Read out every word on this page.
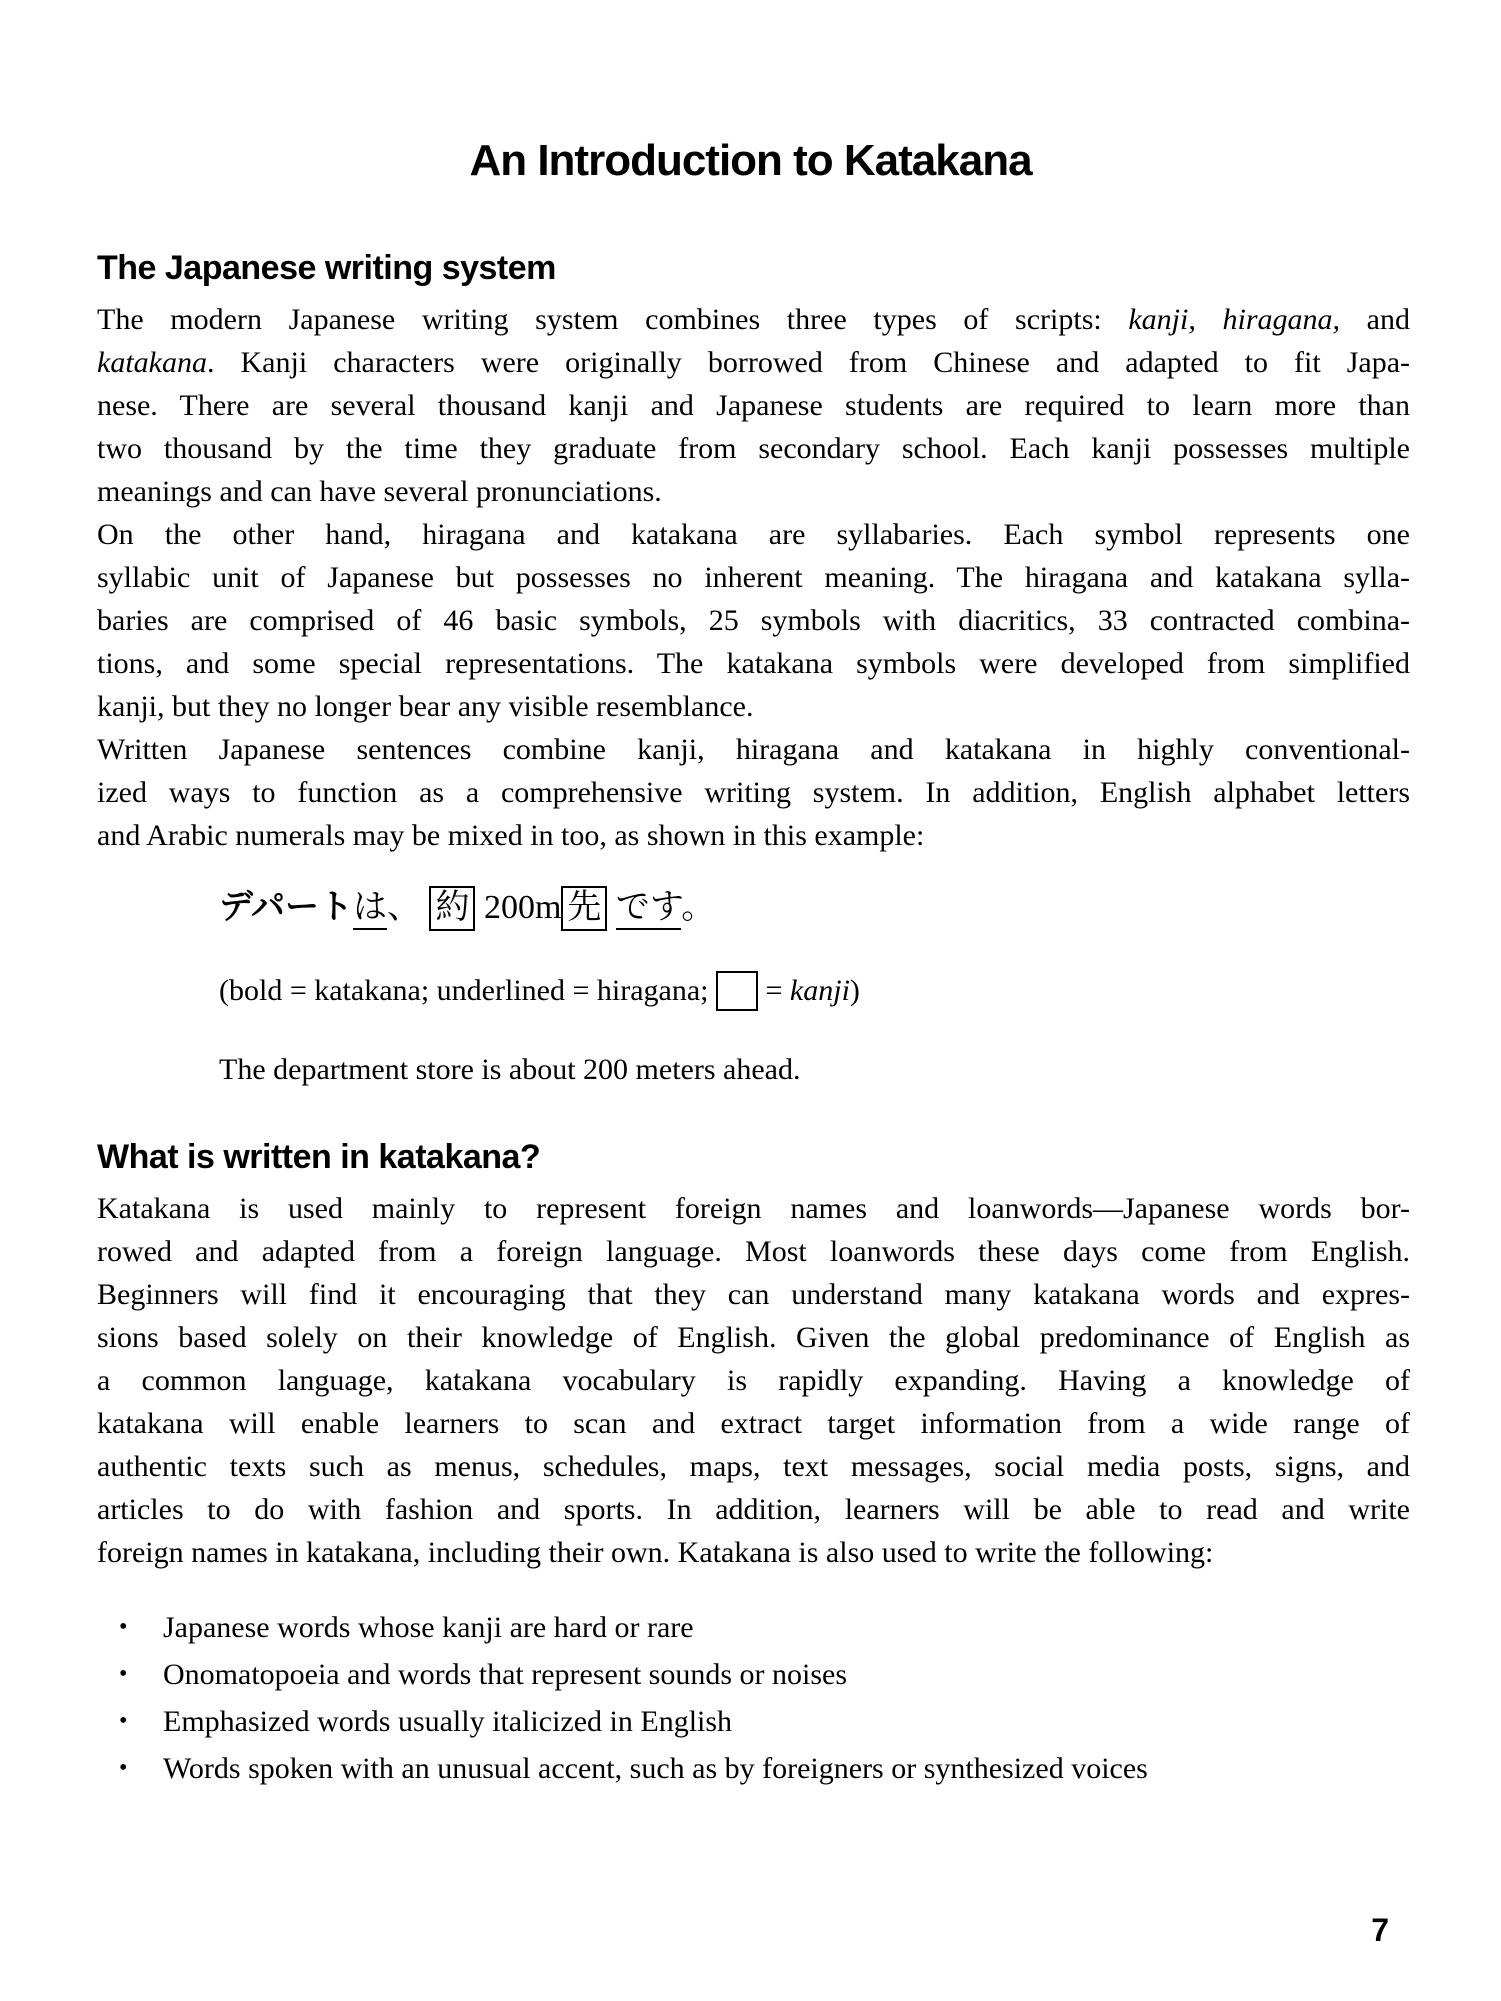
An Introduction to Katakana
The Japanese writing system
The modern Japanese writing system combines three types of scripts: kanji, hiragana, and
katakana. Kanji characters were originally borrowed from Chinese and adapted to fit Japa-
nese. There are several thousand kanji and Japanese students are required to learn more than
two thousand by the time they graduate from secondary school. Each kanji possesses multiple
meanings and can have several pronunciations.
On the other hand, hiragana and katakana are syllabaries. Each symbol represents one
syllabic unit of Japanese but possesses no inherent meaning. The hiragana and katakana sylla-
baries are comprised of 46 basic symbols, 25 symbols with diacritics, 33 contracted combina-
tions, and some special representations. The katakana symbols were developed from simplified
kanji, but they no longer bear any visible resemblance.
Written Japanese sentences combine kanji, hiragana and katakana in highly conventional-
ized ways to function as a comprehensive writing system. In addition, English alphabet letters
and Arabic numerals may be mixed in too, as shown in this example:
デパートは、 約 200m 先 です。
(bold = katakana; underlined = hiragana;    = kanji)
The department store is about 200 meters ahead.
What is written in katakana?
Katakana is used mainly to represent foreign names and loanwords—Japanese words bor-
rowed and adapted from a foreign language. Most loanwords these days come from English.
Beginners will find it encouraging that they can understand many katakana words and expres-
sions based solely on their knowledge of English. Given the global predominance of English as
a common language, katakana vocabulary is rapidly expanding. Having a knowledge of
katakana will enable learners to scan and extract target information from a wide range of
authentic texts such as menus, schedules, maps, text messages, social media posts, signs, and
articles to do with fashion and sports. In addition, learners will be able to read and write
foreign names in katakana, including their own. Katakana is also used to write the following:
•	Japanese words whose kanji are hard or rare
•	Onomatopoeia and words that represent sounds or noises
•	Emphasized words usually italicized in English
•	Words spoken with an unusual accent, such as by foreigners or synthesized voices
7
